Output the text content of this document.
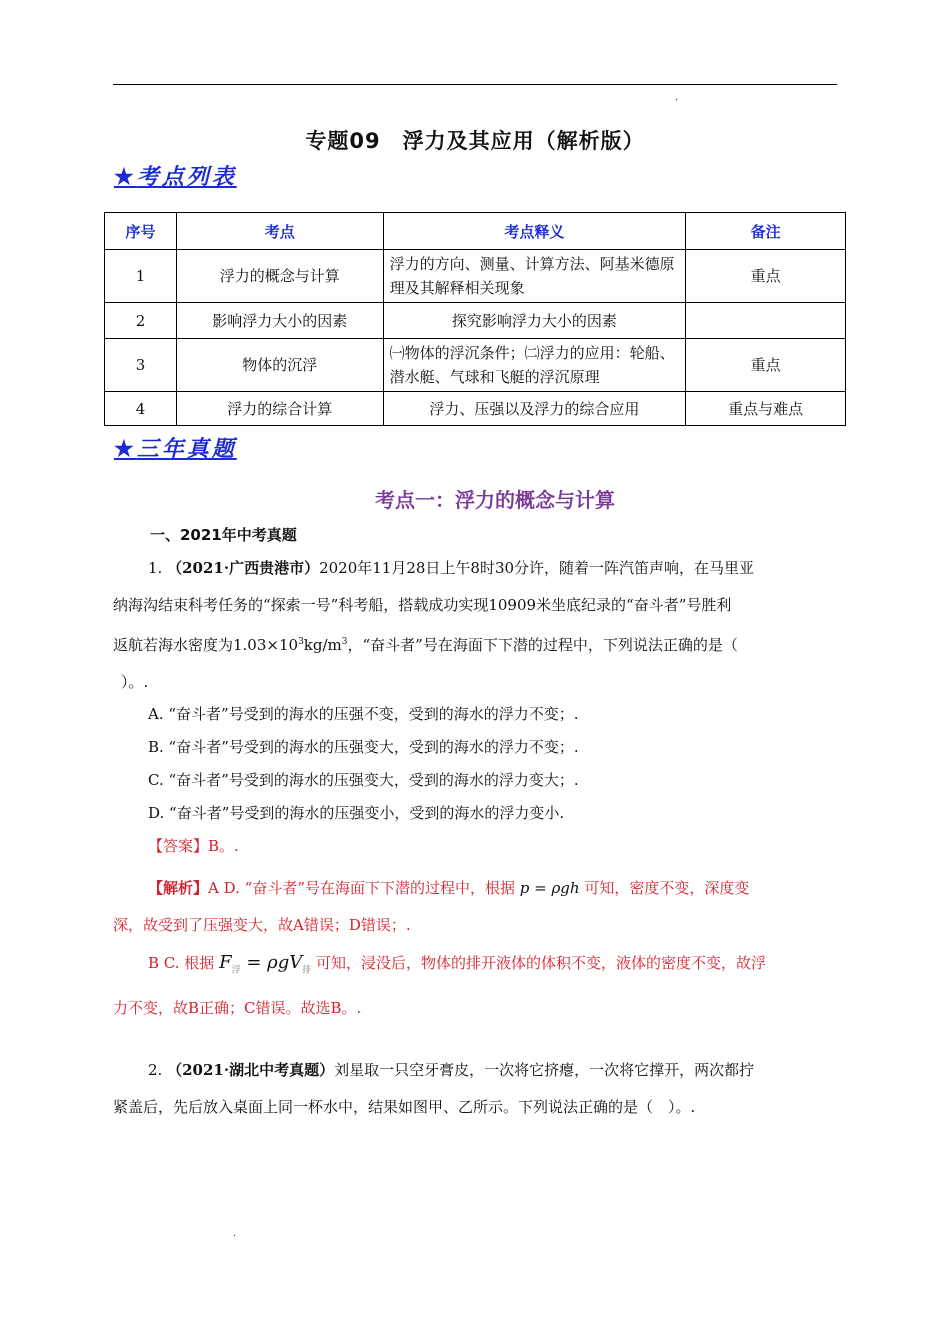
.
专题09　浮力及其应用（解析版）
★考点列表
序号	考点	考点释义	备注
1	浮力的概念与计算	浮力的方向、测量、计算方法、阿基米德原理及其解释相关现象	重点
2	影响浮力大小的因素	探究影响浮力大小的因素	
3	物体的沉浮	㈠物体的浮沉条件；㈡浮力的应用：轮船、潜水艇、气球和飞艇的浮沉原理	重点
4	浮力的综合计算	浮力、压强以及浮力的综合应用	重点与难点
★三年真题
考点一：浮力的概念与计算
一、2021年中考真题
1. （2021·广西贵港市）2020年11月28日上午8时30分许，随着一阵汽笛声响，在马里亚
纳海沟结束科考任务的“探索一号”科考船，搭载成功实现10909米坐底纪录的“奋斗者”号胜利
返航若海水密度为$1.03\times 10^3kg/m^3$，“奋斗者”号在海面下下潜的过程中，下列说法正确的是（
）。.
A. “奋斗者”号受到的海水的压强不变，受到的海水的浮力不变；.
B. “奋斗者”号受到的海水的压强变大，受到的海水的浮力不变；.
C. “奋斗者”号受到的海水的压强变大，受到的海水的浮力变大；.
D. “奋斗者”号受到的海水的压强变小，受到的海水的浮力变小.
【答案】B。.
【解析】A D. “奋斗者”号在海面下下潜的过程中，根据 p = ρgh 可知，密度不变，深度变
深，故受到了压强变大，故A错误；D错误；.
B C. 根据 $F_浮 = \rho gV_排$ 可知，浸没后，物体的排开液体的体积不变，液体的密度不变，故浮
力不变，故B正确；C错误。故选B。.
2. （2021·湖北中考真题）刘星取一只空牙膏皮，一次将它挤瘪，一次将它撑开，两次都拧
紧盖后，先后放入桌面上同一杯水中，结果如图甲、乙所示。下列说法正确的是（　）。.
.
